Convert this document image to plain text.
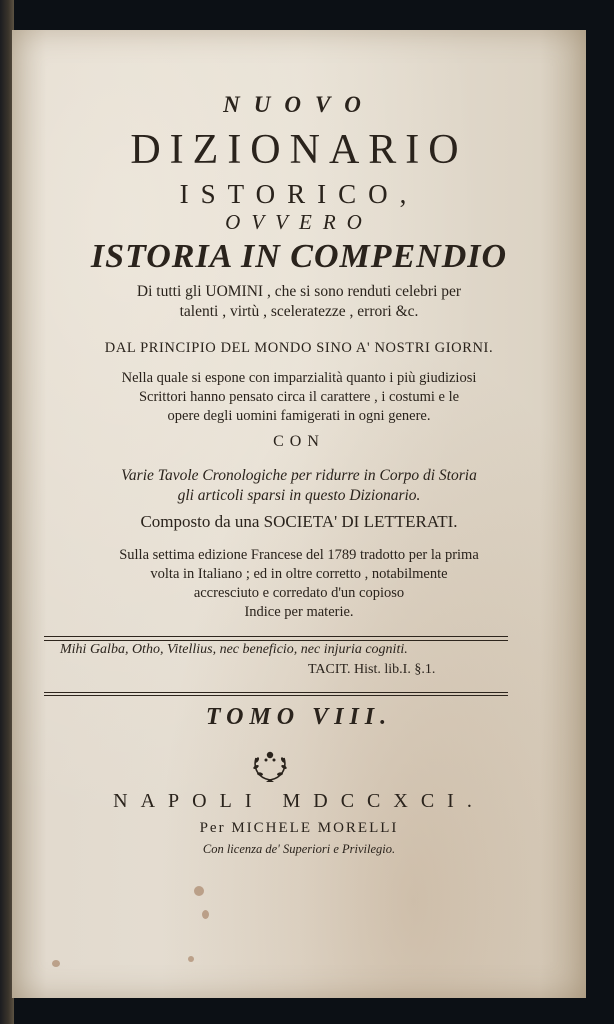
NUOVO
DIZIONARIO
ISTORICO,
OVVERO
ISTORIA IN COMPENDIO
Di tutti gli UOMINI , che si sono renduti celebri per
talenti , virtù , sceleratezze , errori &c.
DAL PRINCIPIO DEL MONDO SINO A' NOSTRI GIORNI.
Nella quale si espone con imparzialità quanto i più giudiziosi
Scrittori hanno pensato circa il carattere , i costumi e le
opere degli uomini famigerati in ogni genere.
CON
Varie Tavole Cronologiche per ridurre in Corpo di Storia
gli articoli sparsi in questo Dizionario.
Composto da una SOCIETA' DI LETTERATI.
Sulla settima edizione Francese del 1789 tradotto per la prima
volta in Italiano ; ed in oltre corretto , notabilmente
accresciuto e corredato d'un copioso
Indice per materie.
Mihi Galba, Otho, Vitellius, nec beneficio, nec injuria cogniti.
TACIT. Hist. lib.I. §.1.
TOMO VIII.
NAPOLI MDCCXCI.
Per MICHELE MORELLI
Con licenza de' Superiori e Privilegio.
